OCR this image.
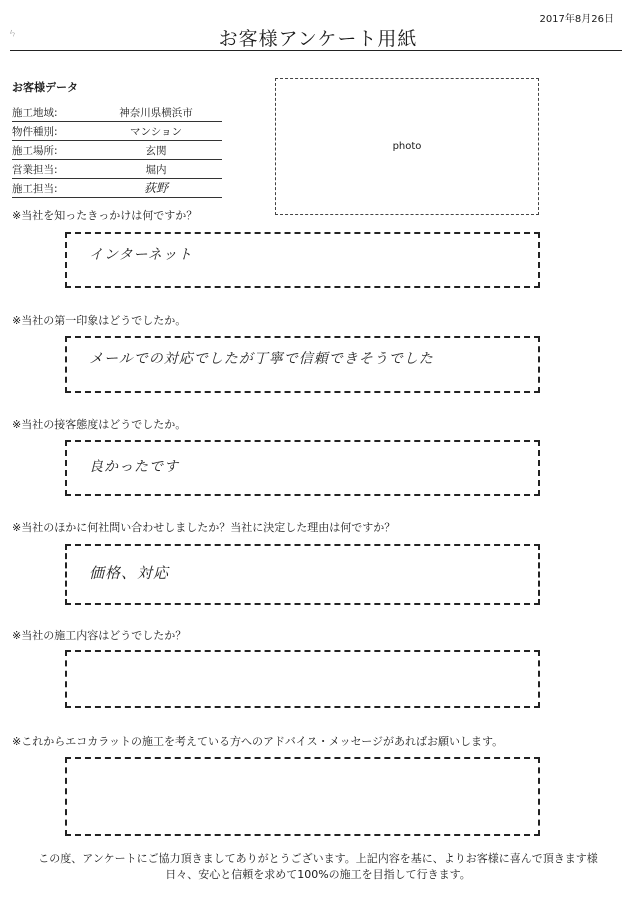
ㄣ
2017年8月26日
お客様アンケート用紙
お客様データ
施工地域:	神奈川県横浜市
物件種別:	マンション
施工場所:	玄関
営業担当:	堀内
施工担当:	荻野
photo
※当社を知ったきっかけは何ですか？
インターネット
※当社の第一印象はどうでしたか。
メールでの対応でしたが丁寧で信頼できそうでした
※当社の接客態度はどうでしたか。
良かったです
※当社のほかに何社問い合わせしましたか？当社に決定した理由は何ですか？
価格、対応
※当社の施工内容はどうでしたか？
※これからエコカラットの施工を考えている方へのアドバイス・メッセージがあればお願いします。
この度、アンケートにご協力頂きましてありがとうございます。上記内容を基に、よりお客様に喜んで頂きます様
日々、安心と信頼を求めて100%の施工を目指して行きます。
